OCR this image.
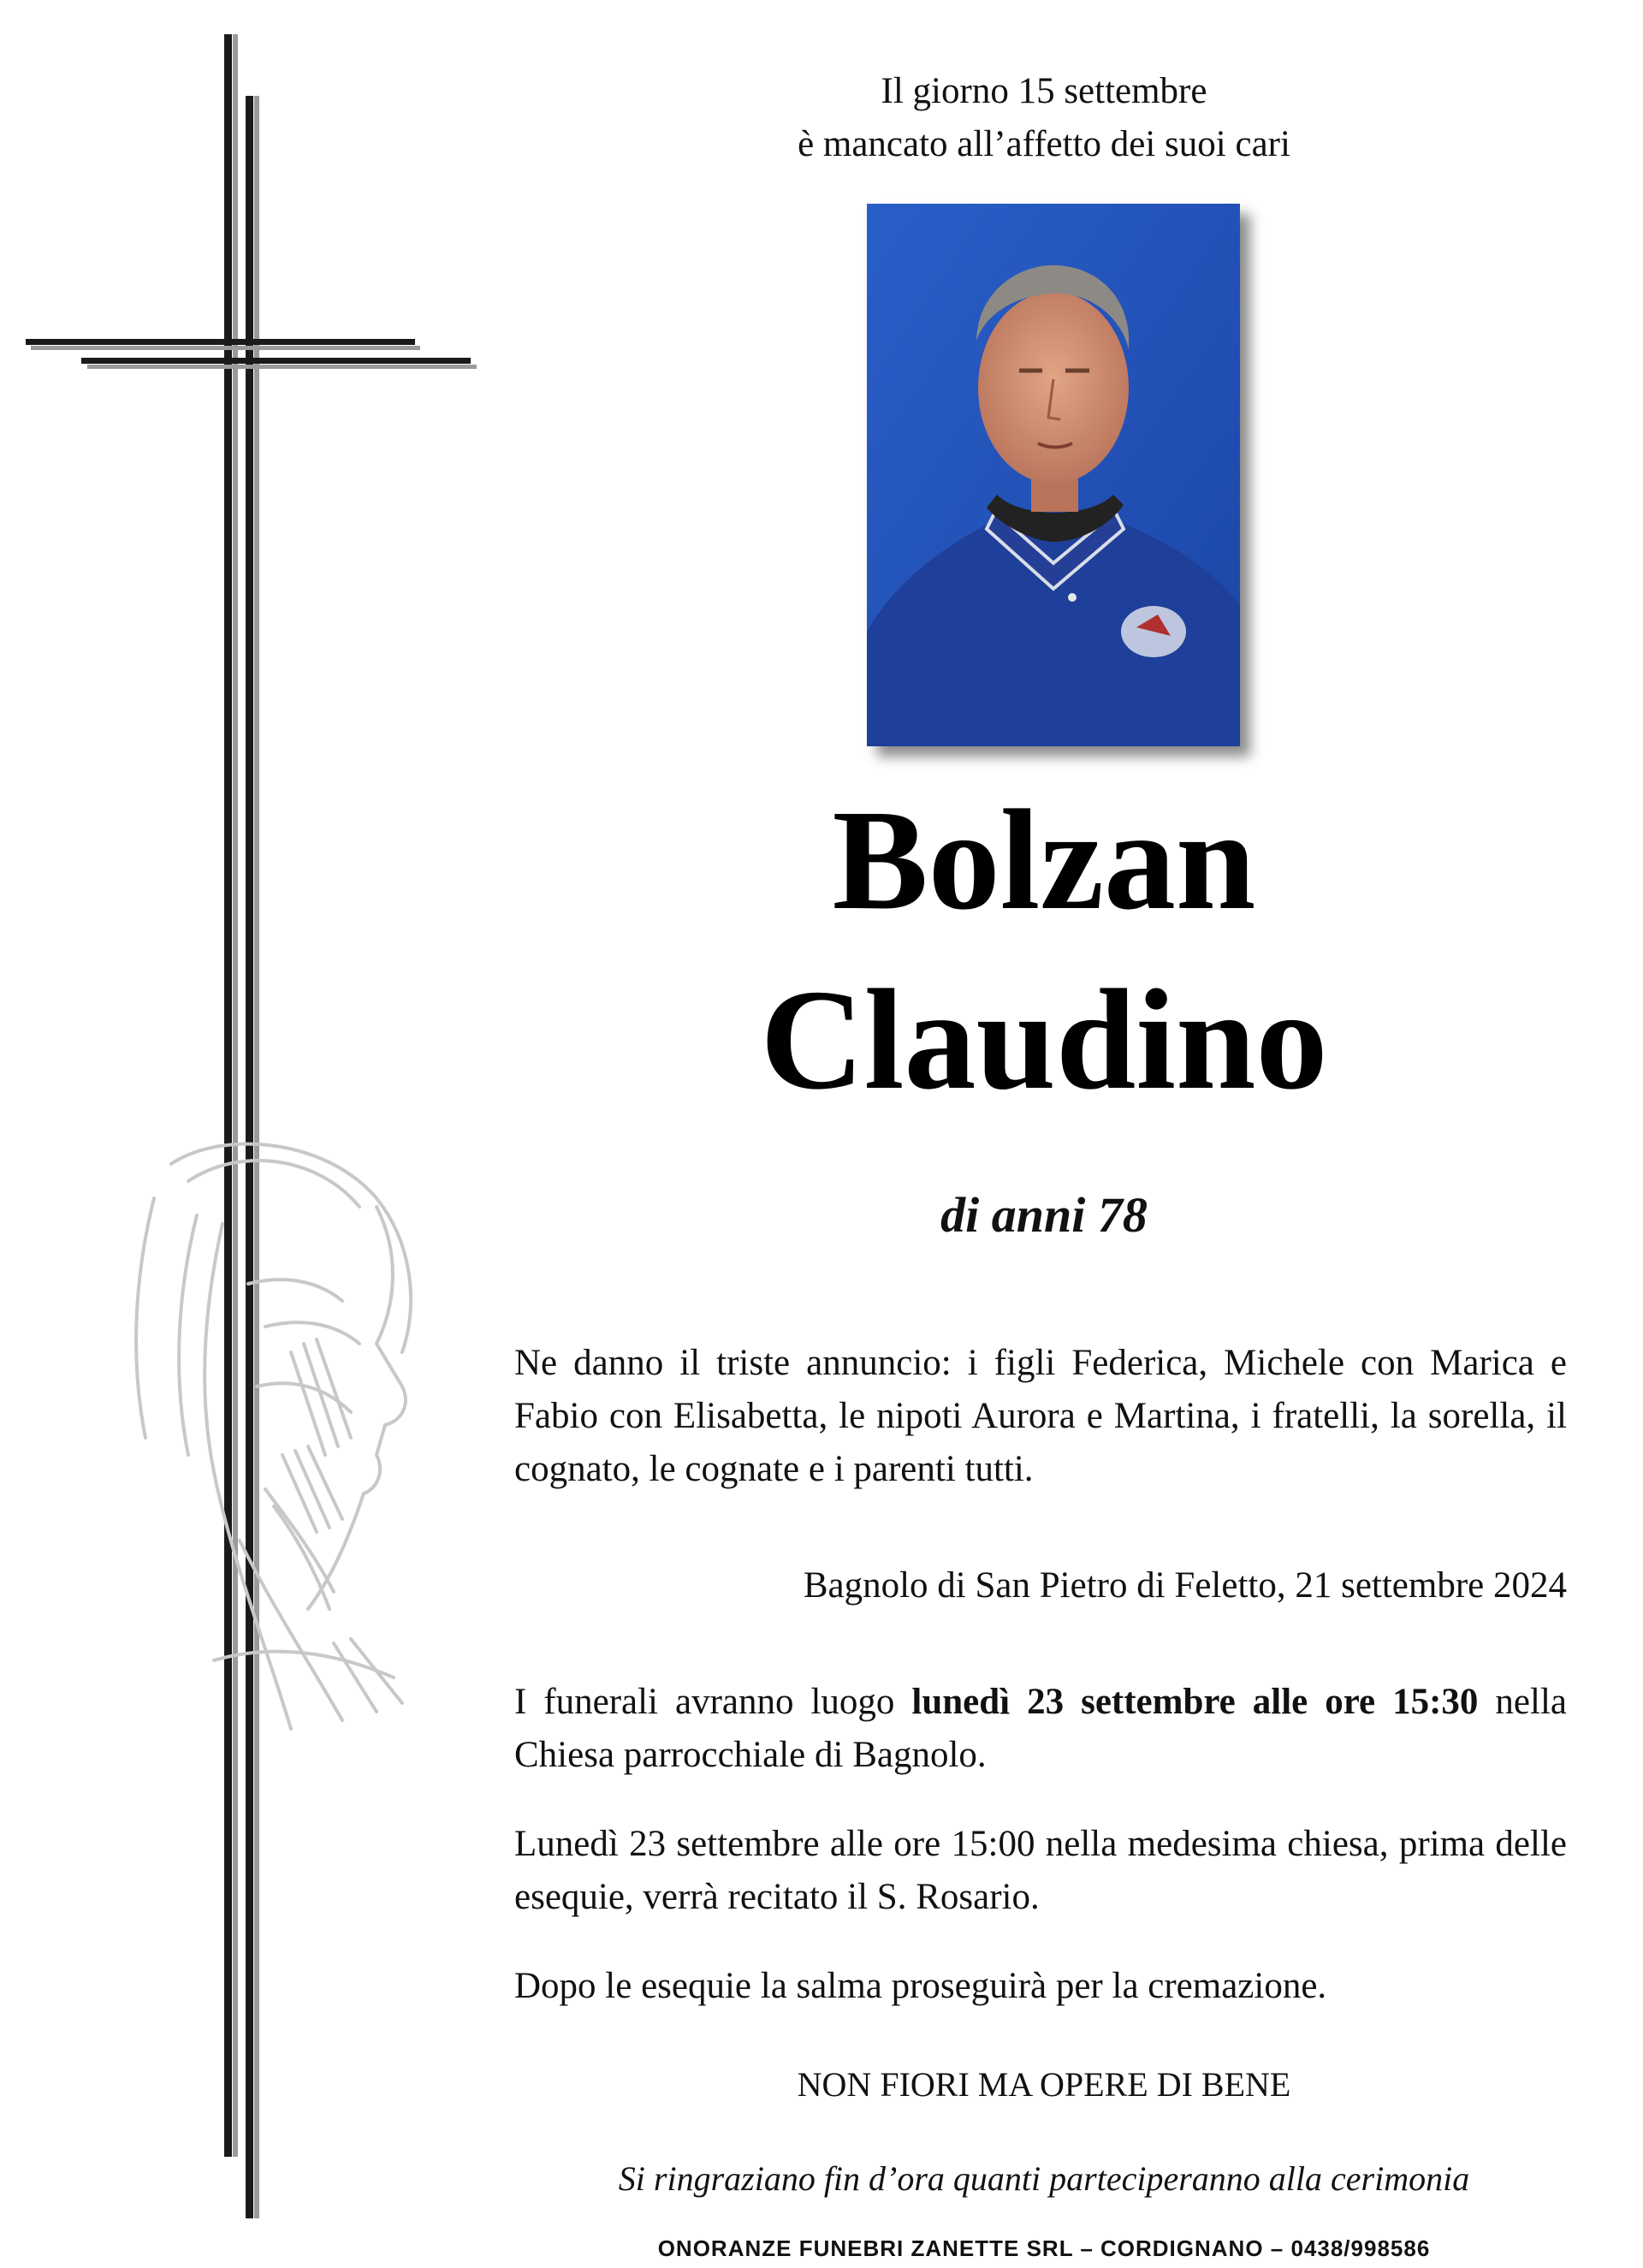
Il giorno 15 settembre
è mancato all’affetto dei suoi cari
Bolzan
Claudino
di anni 78
Ne danno il triste annuncio: i figli Federica, Michele con Marica e Fabio con Elisabetta, le nipoti Aurora e Martina, i fratelli, la sorella, il cognato, le cognate e i parenti tutti.
Bagnolo di San Pietro di Feletto, 21 settembre 2024
I funerali avranno luogo lunedì 23 settembre alle ore 15:30 nella Chiesa parrocchiale di Bagnolo.
Lunedì 23 settembre alle ore 15:00 nella medesima chiesa, prima delle esequie, verrà recitato il S. Rosario.
Dopo le esequie la salma proseguirà per la cremazione.
NON FIORI MA OPERE DI BENE
Si ringraziano fin d’ora quanti parteciperanno alla cerimonia
ONORANZE FUNEBRI ZANETTE SRL – CORDIGNANO – 0438/998586
